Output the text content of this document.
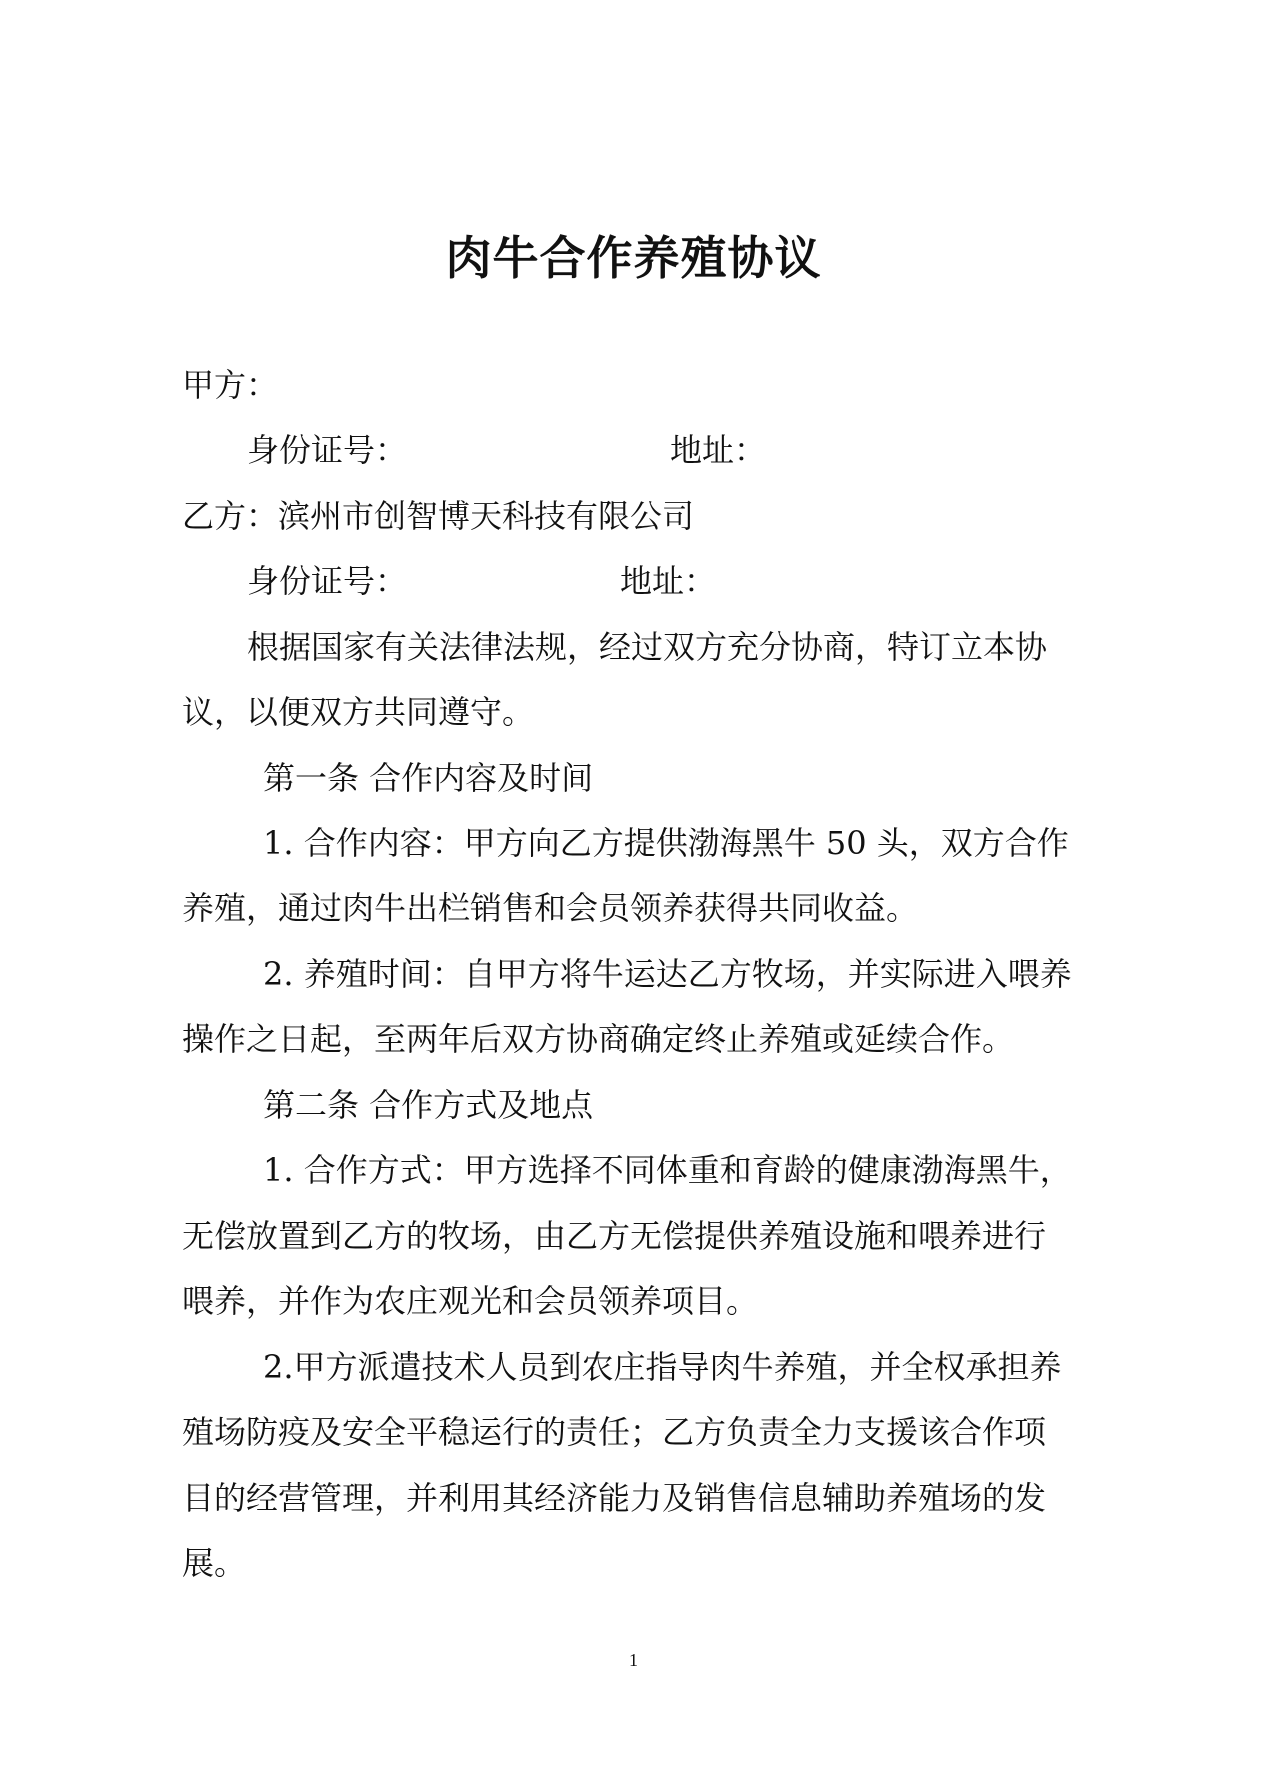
肉牛合作养殖协议
甲方：
身份证号：	地址：
乙方：滨州市创智博天科技有限公司
身份证号：	地址：
根据国家有关法律法规，经过双方充分协商，特订立本协
议，以便双方共同遵守。
第一条 合作内容及时间
1. 合作内容：甲方向乙方提供渤海黑牛 50 头，双方合作
养殖，通过肉牛出栏销售和会员领养获得共同收益。
2. 养殖时间：自甲方将牛运达乙方牧场，并实际进入喂养
操作之日起，至两年后双方协商确定终止养殖或延续合作。
第二条 合作方式及地点
1. 合作方式：甲方选择不同体重和育龄的健康渤海黑牛，
无偿放置到乙方的牧场，由乙方无偿提供养殖设施和喂养进行
喂养，并作为农庄观光和会员领养项目。
2.甲方派遣技术人员到农庄指导肉牛养殖，并全权承担养
殖场防疫及安全平稳运行的责任；乙方负责全力支援该合作项
目的经营管理，并利用其经济能力及销售信息辅助养殖场的发
展。
1
